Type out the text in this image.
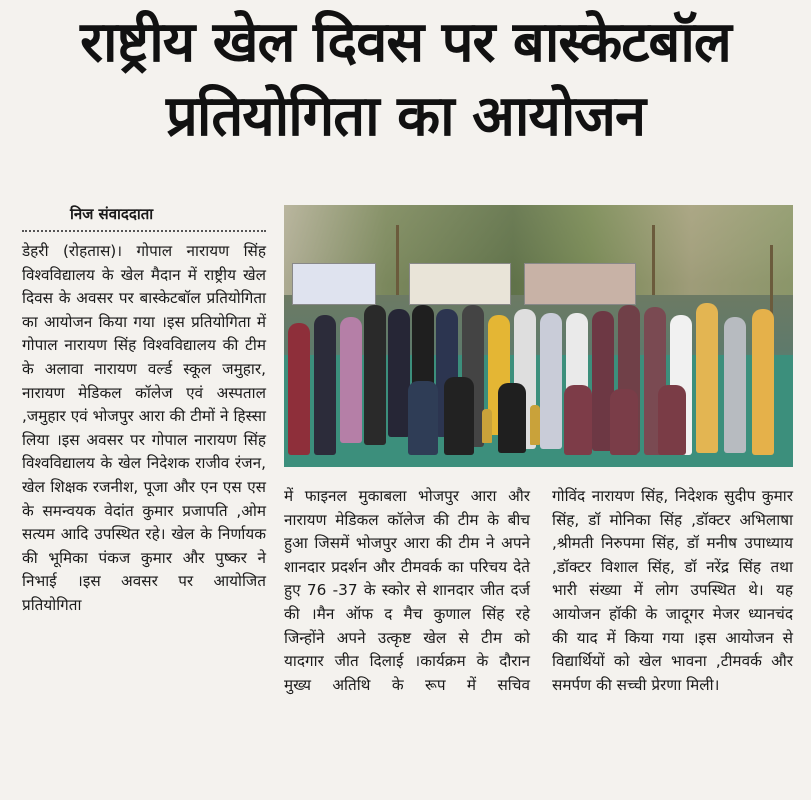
राष्ट्रीय खेल दिवस पर बास्केटबॉल
प्रतियोगिता का आयोजन
निज संवाददाता

डेहरी (रोहतास)। गोपाल नारायण सिंह विश्वविद्यालय के खेल मैदान में राष्ट्रीय खेल दिवस के अवसर पर बास्केटबॉल प्रतियोगिता का आयोजन किया गया ।इस प्रतियोगिता में गोपाल नारायण सिंह विश्वविद्यालय की टीम के अलावा नारायण वर्ल्ड स्कूल जमुहार, नारायण मेडिकल कॉलेज एवं अस्पताल ,जमुहार एवं भोजपुर आरा की टीमों ने हिस्सा लिया ।इस अवसर पर गोपाल नारायण सिंह विश्वविद्यालय के खेल निदेशक राजीव रंजन, खेल शिक्षक रजनीश, पूजा और एन एस एस के समन्वयक वेदांत कुमार प्रजापति ,ओम सत्यम आदि उपस्थित रहे। खेल के निर्णायक की भूमिका पंकज कुमार और पुष्कर ने निभाई ।इस अवसर पर आयोजित प्रतियोगिता

में फाइनल मुकाबला भोजपुर आरा और नारायण मेडिकल कॉलेज की टीम के बीच हुआ जिसमें भोजपुर आरा की टीम ने अपने शानदार प्रदर्शन और टीमवर्क का परिचय देते हुए 76 -37 के स्कोर से शानदार जीत दर्ज की ।मैन ऑफ द मैच कुणाल सिंह रहे जिन्होंने अपने उत्कृष्ट खेल से टीम को यादगार जीत दिलाई ।कार्यक्रम के दौरान मुख्य अतिथि के रूप में सचिव

गोविंद नारायण सिंह, निदेशक सुदीप कुमार सिंह, डॉ मोनिका सिंह ,डॉक्टर अभिलाषा ,श्रीमती निरुपमा सिंह, डॉ मनीष उपाध्याय ,डॉक्टर विशाल सिंह, डॉ नरेंद्र सिंह तथा भारी संख्या में लोग उपस्थित थे। यह आयोजन हॉकी के जादूगर मेजर ध्यानचंद की याद में किया गया ।इस आयोजन से विद्यार्थियों को खेल भावना ,टीमवर्क और समर्पण की सच्ची प्रेरणा मिली।
